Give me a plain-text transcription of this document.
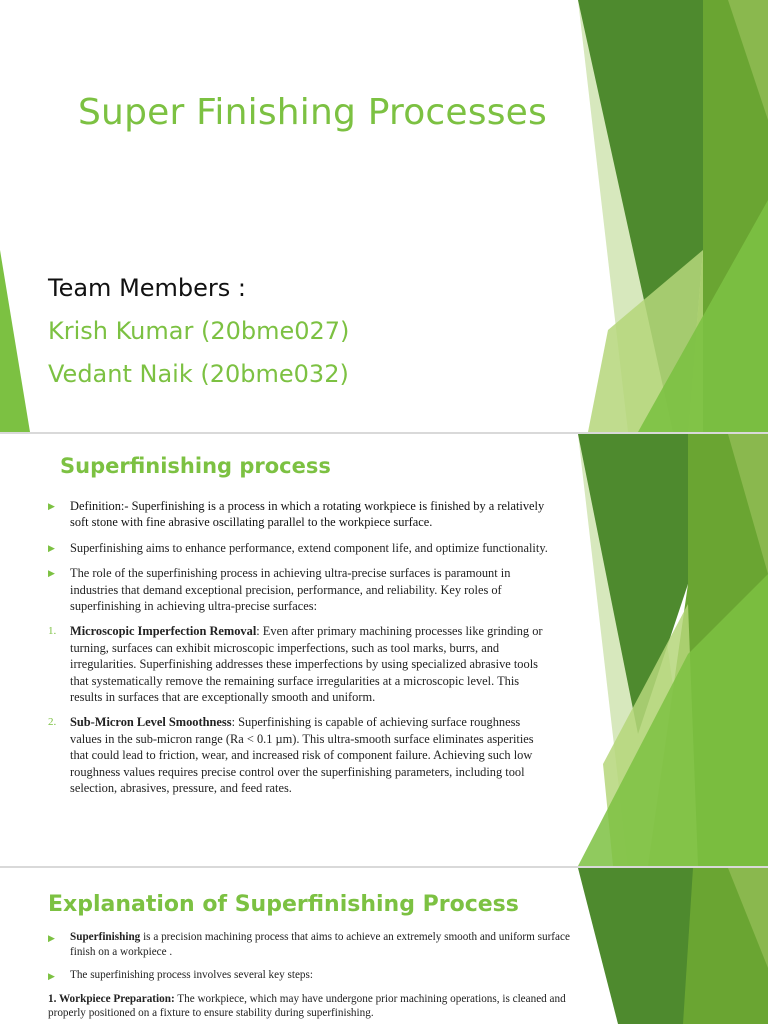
Super Finishing Processes
Team Members :
Krish Kumar (20bme027)
Vedant Naik (20bme032)
Superfinishing process
▶ Definition:- Superfinishing is a process in which a rotating workpiece is finished by a relatively soft stone with fine abrasive oscillating parallel to the workpiece surface.
▶ Superfinishing aims to enhance performance, extend component life, and optimize functionality.
▶ The role of the superfinishing process in achieving ultra-precise surfaces is paramount in industries that demand exceptional precision, performance, and reliability. Key roles of superfinishing in achieving ultra-precise surfaces:
1. Microscopic Imperfection Removal: Even after primary machining processes like grinding or turning, surfaces can exhibit microscopic imperfections, such as tool marks, burrs, and irregularities. Superfinishing addresses these imperfections by using specialized abrasive tools that systematically remove the remaining surface irregularities at a microscopic level. This results in surfaces that are exceptionally smooth and uniform.
2. Sub-Micron Level Smoothness: Superfinishing is capable of achieving surface roughness values in the sub-micron range (Ra < 0.1 µm). This ultra-smooth surface eliminates asperities that could lead to friction, wear, and increased risk of component failure. Achieving such low roughness values requires precise control over the superfinishing parameters, including tool selection, abrasives, pressure, and feed rates.
Explanation of Superfinishing Process
▶ Superfinishing is a precision machining process that aims to achieve an extremely smooth and uniform surface finish on a workpiece .
▶ The superfinishing process involves several key steps:
1. Workpiece Preparation: The workpiece, which may have undergone prior machining operations, is cleaned and properly positioned on a fixture to ensure stability during superfinishing.
